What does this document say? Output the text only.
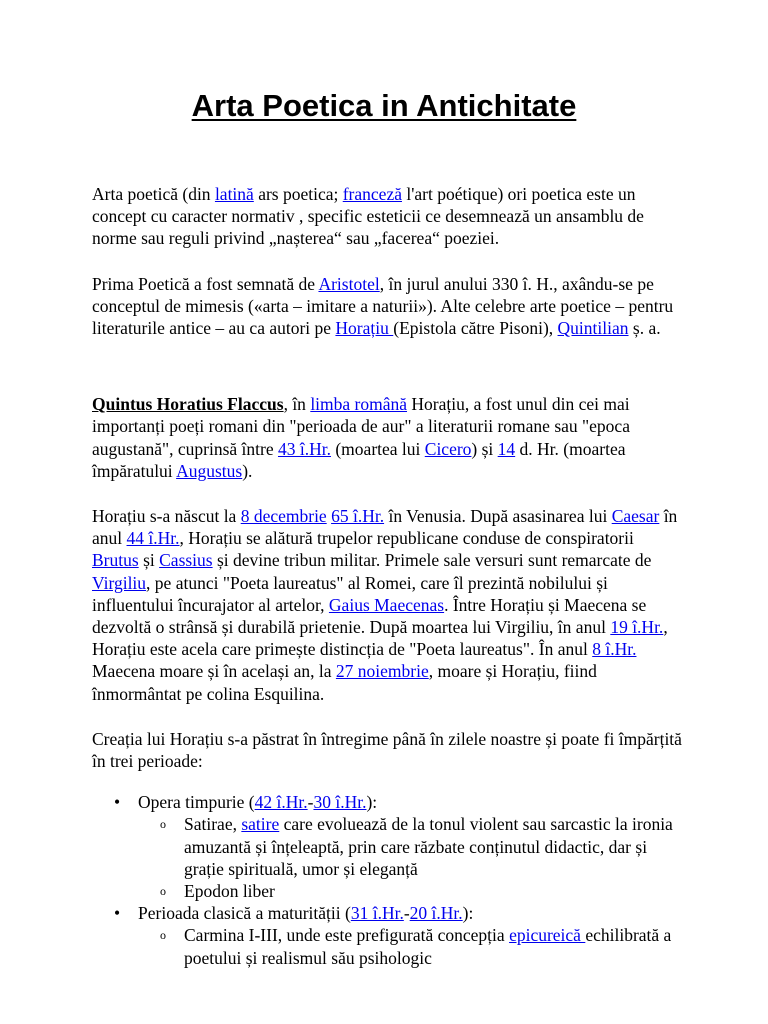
Arta Poetica in Antichitate

Arta poetică (din latină ars poetica; franceză l'art poétique) ori poetica este un concept cu caracter normativ , specific esteticii ce desemnează un ansamblu de norme sau reguli privind „nașterea“ sau „facerea“ poeziei.

Prima Poetică a fost semnată de Aristotel, în jurul anului 330 î. H., axându-se pe conceptul de mimesis («arta – imitare a naturii»). Alte celebre arte poetice – pentru literaturile antice – au ca autori pe Horațiu (Epistola către Pisoni), Quintilian ș. a.

Quintus Horatius Flaccus, în limba română Horațiu, a fost unul din cei mai importanți poeți romani din "perioada de aur" a literaturii romane sau "epoca augustană", cuprinsă între 43 î.Hr. (moartea lui Cicero) și 14 d. Hr. (moartea împăratului Augustus).

Horațiu s-a născut la 8 decembrie 65 î.Hr. în Venusia. După asasinarea lui Caesar în anul 44 î.Hr., Horațiu se alătură trupelor republicane conduse de conspiratorii Brutus și Cassius și devine tribun militar. Primele sale versuri sunt remarcate de Virgiliu, pe atunci "Poeta laureatus" al Romei, care îl prezintă nobilului și influentului încurajator al artelor, Gaius Maecenas. Între Horațiu și Maecena se dezvoltă o strânsă și durabilă prietenie. După moartea lui Virgiliu, în anul 19 î.Hr., Horațiu este acela care primește distincția de "Poeta laureatus". În anul 8 î.Hr. Maecena moare și în același an, la 27 noiembrie, moare și Horațiu, fiind înmormântat pe colina Esquilina.

Creația lui Horațiu s-a păstrat în întregime până în zilele noastre și poate fi împărțită în trei perioade:

• Opera timpurie (42 î.Hr.-30 î.Hr.):
o Satirae, satire care evoluează de la tonul violent sau sarcastic la ironia amuzantă și înțeleaptă, prin care răzbate conținutul didactic, dar și grație spirituală, umor și eleganță
o Epodon liber
• Perioada clasică a maturității (31 î.Hr.-20 î.Hr.):
o Carmina I-III, unde este prefigurată concepția epicureică echilibrată a poetului și realismul său psihologic
